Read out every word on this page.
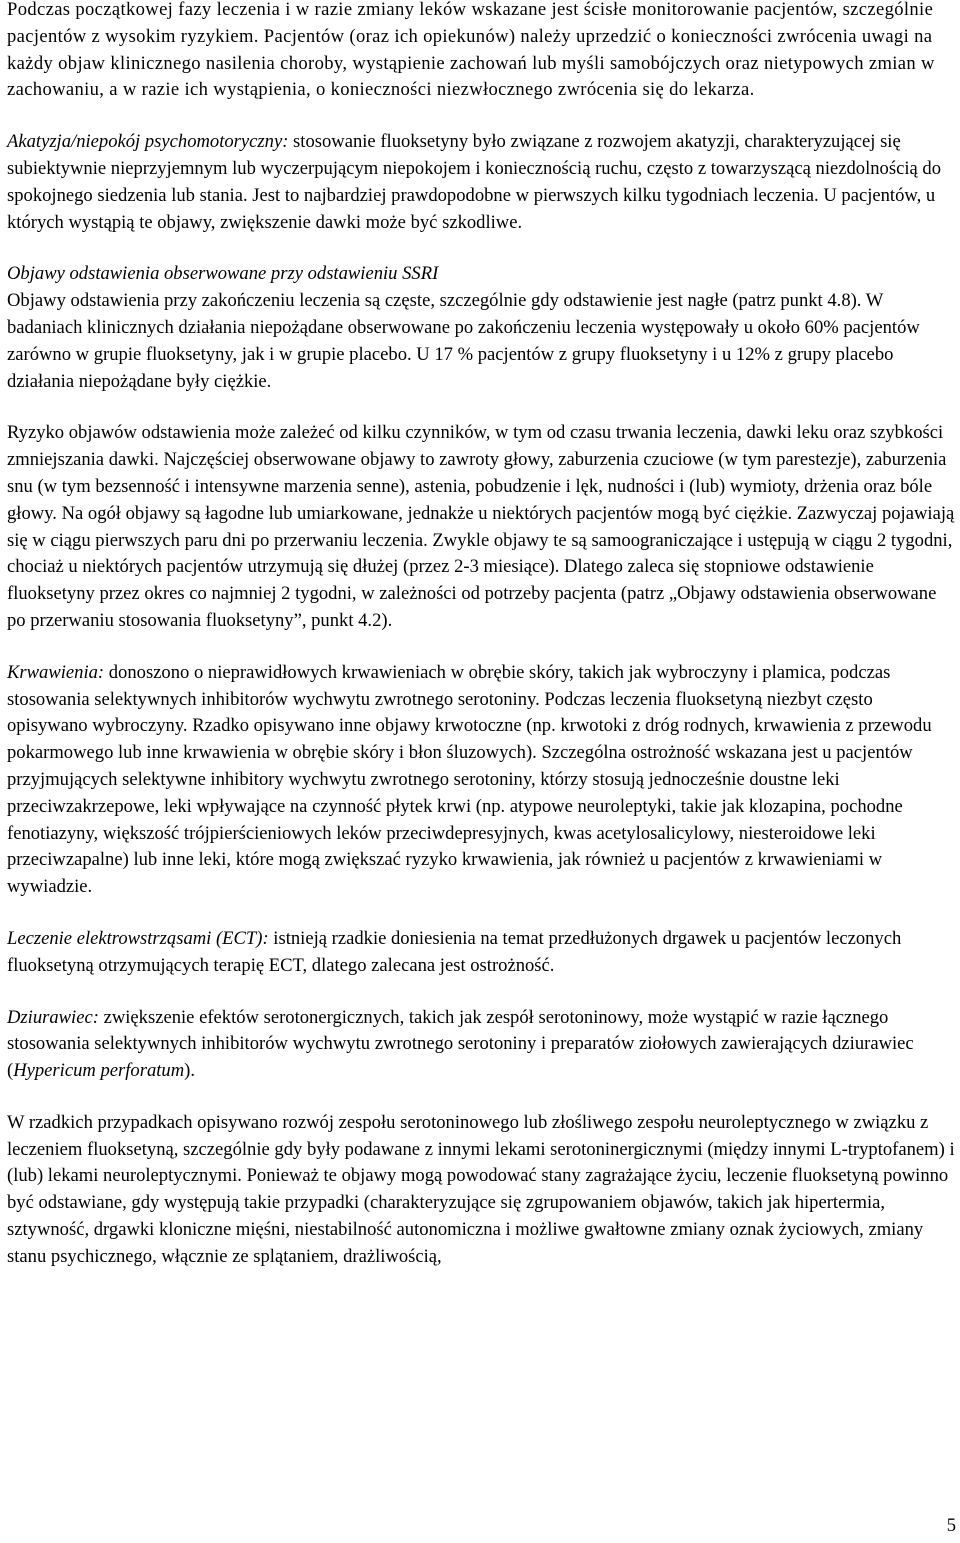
Podczas początkowej fazy leczenia i w razie zmiany leków wskazane jest ścisłe monitorowanie pacjentów, szczególnie pacjentów z wysokim ryzykiem. Pacjentów (oraz ich opiekunów) należy uprzedzić o konieczności zwrócenia uwagi na każdy objaw klinicznego nasilenia choroby, wystąpienie zachowań lub myśli samobójczych oraz nietypowych zmian w zachowaniu, a w razie ich wystąpienia, o konieczności niezwłocznego zwrócenia się do lekarza.

Akatyzja/niepokój psychomotoryczny: stosowanie fluoksetyny było związane z rozwojem akatyzji, charakteryzującej się subiektywnie nieprzyjemnym lub wyczerpującym niepokojem i koniecznością ruchu, często z towarzyszącą niezdolnością do spokojnego siedzenia lub stania. Jest to najbardziej prawdopodobne w pierwszych kilku tygodniach leczenia. U pacjentów, u których wystąpią te objawy, zwiększenie dawki może być szkodliwe.

Objawy odstawienia obserwowane przy odstawieniu SSRI
Objawy odstawienia przy zakończeniu leczenia są częste, szczególnie gdy odstawienie jest nagłe (patrz punkt 4.8). W badaniach klinicznych działania niepożądane obserwowane po zakończeniu leczenia występowały u około 60% pacjentów zarówno w grupie fluoksetyny, jak i w grupie placebo. U 17 % pacjentów z grupy fluoksetyny i u 12% z grupy placebo działania niepożądane były ciężkie.

Ryzyko objawów odstawienia może zależeć od kilku czynników, w tym od czasu trwania leczenia, dawki leku oraz szybkości zmniejszania dawki. Najczęściej obserwowane objawy to zawroty głowy, zaburzenia czuciowe (w tym parestezje), zaburzenia snu (w tym bezsenność i intensywne marzenia senne), astenia, pobudzenie i lęk, nudności i (lub) wymioty, drżenia oraz bóle głowy. Na ogół objawy są łagodne lub umiarkowane, jednakże u niektórych pacjentów mogą być ciężkie. Zazwyczaj pojawiają się w ciągu pierwszych paru dni po przerwaniu leczenia. Zwykle objawy te są samoograniczające i ustępują w ciągu 2 tygodni, chociaż u niektórych pacjentów utrzymują się dłużej (przez 2-3 miesiące). Dlatego zaleca się stopniowe odstawienie fluoksetyny przez okres co najmniej 2 tygodni, w zależności od potrzeby pacjenta (patrz „Objawy odstawienia obserwowane po przerwaniu stosowania fluoksetyny”, punkt 4.2).

Krwawienia: donoszono o nieprawidłowych krwawieniach w obrębie skóry, takich jak wybroczyny i plamica, podczas stosowania selektywnych inhibitorów wychwytu zwrotnego serotoniny. Podczas leczenia fluoksetyną niezbyt często opisywano wybroczyny. Rzadko opisywano inne objawy krwotoczne (np. krwotoki z dróg rodnych, krwawienia z przewodu pokarmowego lub inne krwawienia w obrębie skóry i błon śluzowych). Szczególna ostrożność wskazana jest u pacjentów przyjmujących selektywne inhibitory wychwytu zwrotnego serotoniny, którzy stosują jednocześnie doustne leki przeciwzakrzepowe, leki wpływające na czynność płytek krwi (np. atypowe neuroleptyki, takie jak klozapina, pochodne fenotiazyny, większość trójpierścieniowych leków przeciwdepresyjnych, kwas acetylosalicylowy, niesteroidowe leki przeciwzapalne) lub inne leki, które mogą zwiększać ryzyko krwawienia, jak również u pacjentów z krwawieniami w wywiadzie.

Leczenie elektrowstrząsami (ECT): istnieją rzadkie doniesienia na temat przedłużonych drgawek u pacjentów leczonych fluoksetyną otrzymujących terapię ECT, dlatego zalecana jest ostrożność.

Dziurawiec: zwiększenie efektów serotonergicznych, takich jak zespół serotoninowy, może wystąpić w razie łącznego stosowania selektywnych inhibitorów wychwytu zwrotnego serotoniny i preparatów ziołowych zawierających dziurawiec (Hypericum perforatum).

W rzadkich przypadkach opisywano rozwój zespołu serotoninowego lub złośliwego zespołu neuroleptycznego w związku z leczeniem fluoksetyną, szczególnie gdy były podawane z innymi lekami serotoninergicznymi (między innymi L-tryptofanem) i (lub) lekami neuroleptycznymi. Ponieważ te objawy mogą powodować stany zagrażające życiu, leczenie fluoksetyną powinno być odstawiane, gdy występują takie przypadki (charakteryzujące się zgrupowaniem objawów, takich jak hipertermia, sztywność, drgawki kloniczne mięśni, niestabilność autonomiczna i możliwe gwałtowne zmiany oznak życiowych, zmiany stanu psychicznego, włącznie ze splątaniem, drażliwością,

5
